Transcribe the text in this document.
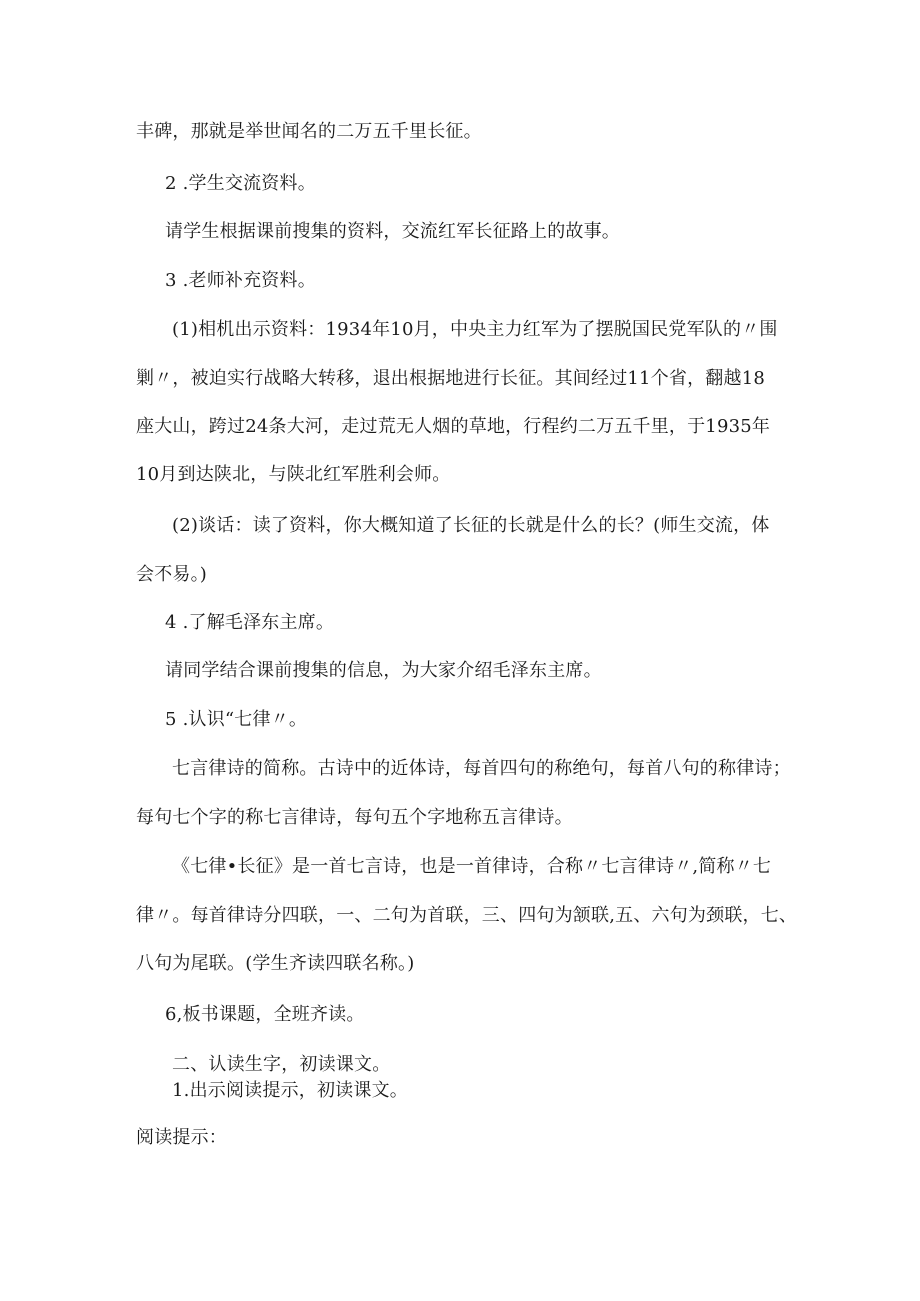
丰碑，那就是举世闻名的二万五千里长征。
2 .学生交流资料。
请学生根据课前搜集的资料，交流红军长征路上的故事。
3 .老师补充资料。
(1)相机出示资料：1934年10月，中央主力红军为了摆脱国民党军队的〃围
剿〃，被迫实行战略大转移，退出根据地进行长征。其间经过11个省，翻越18
座大山，跨过24条大河，走过荒无人烟的草地，行程约二万五千里，于1935年
10月到达陕北，与陕北红军胜利会师。
(2)谈话：读了资料，你大概知道了长征的长就是什么的长？(师生交流，体
会不易。)
4 .了解毛泽东主席。
请同学结合课前搜集的信息，为大家介绍毛泽东主席。
5 .认识“七律〃。
七言律诗的简称。古诗中的近体诗，每首四句的称绝句，每首八句的称律诗；
每句七个字的称七言律诗，每句五个字地称五言律诗。
《七律•长征》是一首七言诗，也是一首律诗，合称〃七言律诗〃,简称〃七
律〃。每首律诗分四联，一、二句为首联，三、四句为颔联,五、六句为颈联，七、
八句为尾联。(学生齐读四联名称。)
6,板书课题，全班齐读。
二、认读生字，初读课文。
1.出示阅读提示，初读课文。
阅读提示：
